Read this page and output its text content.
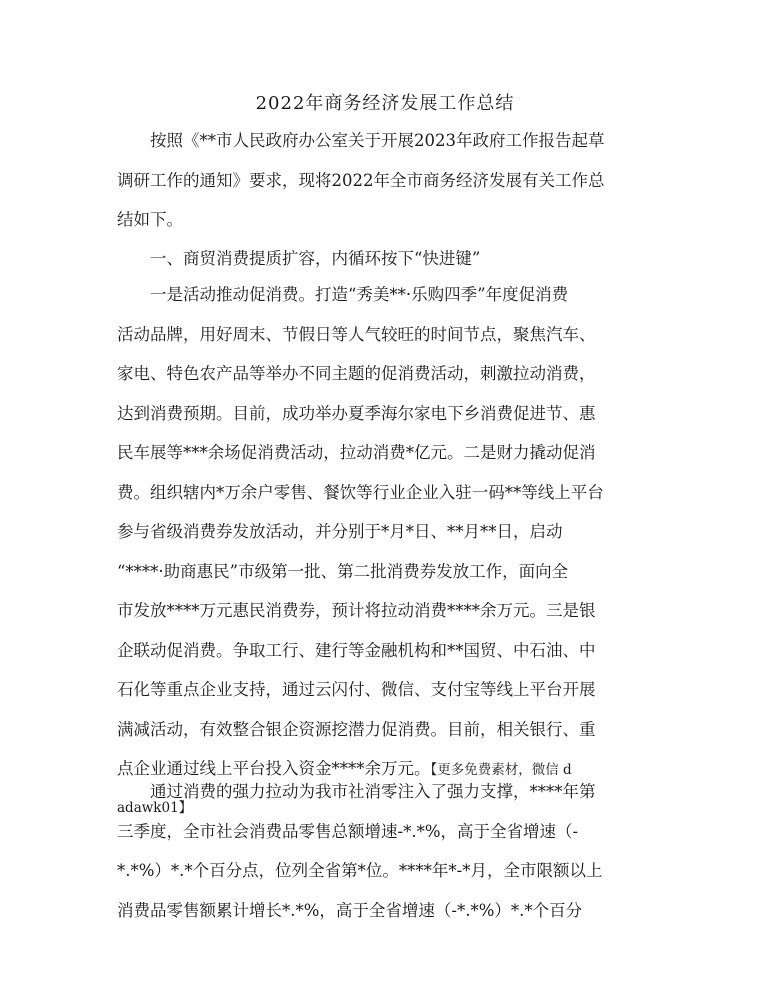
2022年商务经济发展工作总结
按照《**市人民政府办公室关于开展2023年政府工作报告起草
调研工作的通知》要求，现将2022年全市商务经济发展有关工作总
结如下。
一、商贸消费提质扩容，内循环按下“快进键”
一是活动推动促消费。打造“秀美**·乐购四季”年度促消费
活动品牌，用好周末、节假日等人气较旺的时间节点，聚焦汽车、
家电、特色农产品等举办不同主题的促消费活动，刺激拉动消费，
达到消费预期。目前，成功举办夏季海尔家电下乡消费促进节、惠
民车展等***余场促消费活动，拉动消费*亿元。二是财力撬动促消
费。组织辖内*万余户零售、餐饮等行业企业入驻一码**等线上平台
参与省级消费券发放活动，并分别于*月*日、**月**日，启动
“****·助商惠民”市级第一批、第二批消费券发放工作，面向全
市发放****万元惠民消费券，预计将拉动消费****余万元。三是银
企联动促消费。争取工行、建行等金融机构和**国贸、中石油、中
石化等重点企业支持，通过云闪付、微信、支付宝等线上平台开展
满减活动，有效整合银企资源挖潜力促消费。目前，相关银行、重
点企业通过线上平台投入资金****余万元。【更多免费素材，微信 d
adawk01】
通过消费的强力拉动为我市社消零注入了强力支撑，****年第
三季度，全市社会消费品零售总额增速-*.*%，高于全省增速（-
*.*%）*.*个百分点，位列全省第*位。****年*-*月，全市限额以上
消费品零售额累计增长*.*%，高于全省增速（-*.*%）*.*个百分
